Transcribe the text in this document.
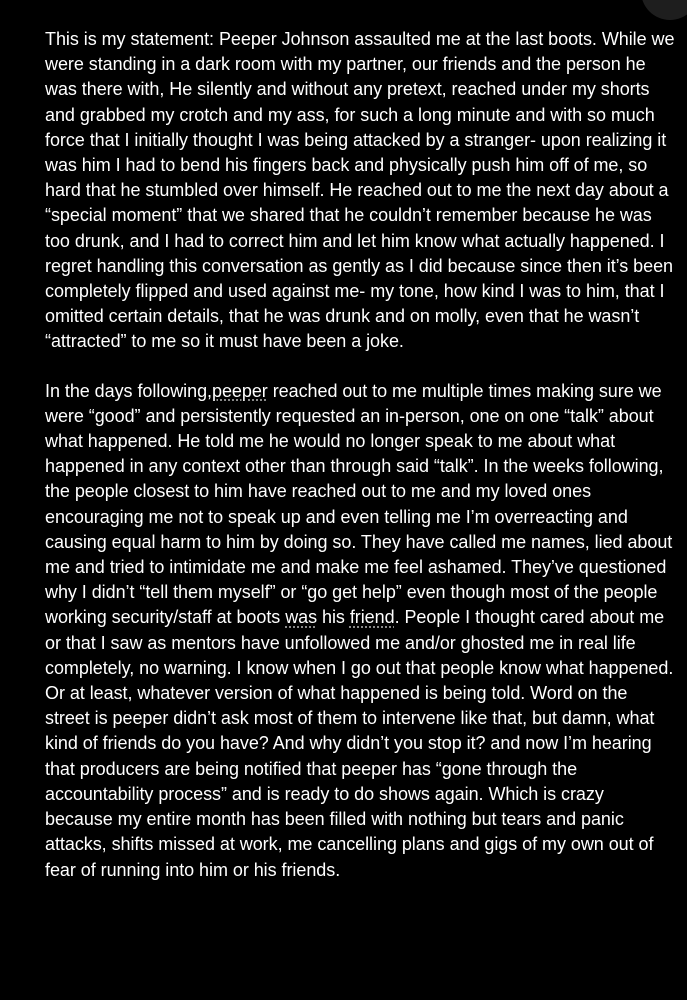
This is my statement: Peeper Johnson assaulted me at the last boots. While we were standing in a dark room with my partner, our friends and the person he was there with, He silently and without any pretext, reached under my shorts and grabbed my crotch and my ass, for such a long minute and with so much force that I initially thought I was being attacked by a stranger- upon realizing it was him I had to bend his fingers back and physically push him off of me, so hard that he stumbled over himself. He reached out to me the next day about a “special moment” that we shared that he couldn’t remember because he was too drunk, and I had to correct him and let him know what actually happened. I regret handling this conversation as gently as I did because since then it’s been completely flipped and used against me- my tone, how kind I was to him, that I omitted certain details, that he was drunk and on molly, even that he wasn’t “attracted” to me so it must have been a joke.

In the days following,peeper reached out to me multiple times making sure we were “good” and persistently requested an in-person, one on one “talk” about what happened. He told me he would no longer speak to me about what happened in any context other than through said “talk”. In the weeks following, the people closest to him have reached out to me and my loved ones encouraging me not to speak up and even telling me I’m overreacting and causing equal harm to him by doing so. They have called me names, lied about me and tried to intimidate me and make me feel ashamed. They’ve questioned why I didn’t “tell them myself” or “go get help” even though most of the people working security/staff at boots was his friend. People I thought cared about me or that I saw as mentors have unfollowed me and/or ghosted me in real life completely, no warning. I know when I go out that people know what happened. Or at least, whatever version of what happened is being told. Word on the street is peeper didn’t ask most of them to intervene like that, but damn, what kind of friends do you have? And why didn’t you stop it? and now I’m hearing that producers are being notified that peeper has “gone through the accountability process” and is ready to do shows again. Which is crazy because my entire month has been filled with nothing but tears and panic attacks, shifts missed at work, me cancelling plans and gigs of my own out of fear of running into him or his friends.
